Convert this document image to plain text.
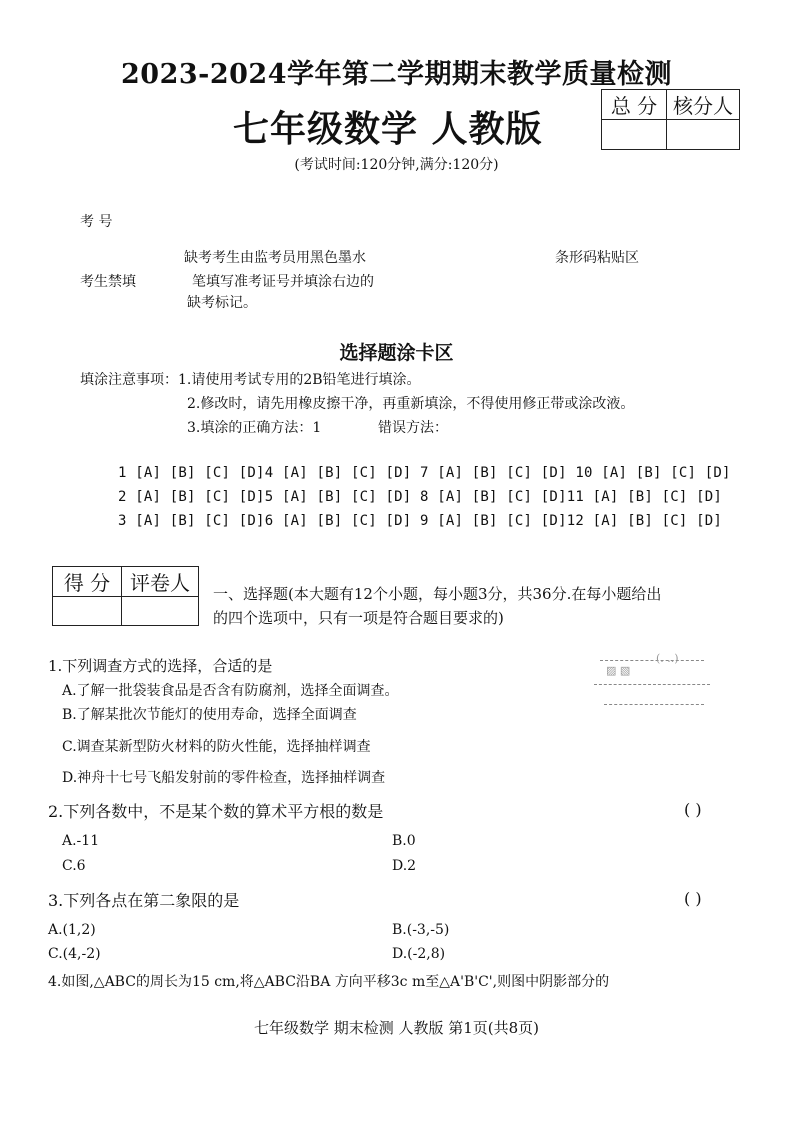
2023-2024学年第二学期期末教学质量检测
七年级数学 人教版
(考试时间:120分钟,满分:120分)
总 分	核分人

考 号
缺考考生由监考员用黑色墨水
考生禁填	笔填写准考证号并填涂右边的
缺考标记。
条形码粘贴区
选择题涂卡区
填涂注意事项：1.请使用考试专用的2B铅笔进行填涂。
2.修改时，请先用橡皮擦干净，再重新填涂，不得使用修正带或涂改液。
3.填涂的正确方法：1	错误方法：
1 [A] [B] [C] [D]4 [A] [B] [C] [D] 7 [A] [B] [C] [D] 10 [A] [B] [C] [D]
2 [A] [B] [C] [D]5 [A] [B] [C] [D] 8 [A] [B] [C] [D]11 [A] [B] [C] [D]
3 [A] [B] [C] [D]6 [A] [B] [C] [D] 9 [A] [B] [C] [D]12 [A] [B] [C] [D]
得 分	评卷人
	一、选择题(本大题有12个小题，每小题3分，共36分.在每小题给出
的四个选项中，只有一项是符合题目要求的)
▨ ▧
(. ..)
1.下列调查方式的选择，合适的是
A.了解一批袋装食品是否含有防腐剂，选择全面调查。
B.了解某批次节能灯的使用寿命，选择全面调查
C.调查某新型防火材料的防火性能，选择抽样调查
D.神舟十七号飞船发射前的零件检查，选择抽样调查
2.下列各数中，不是某个数的算术平方根的数是	( )
A.-11	B.0
C.6	D.2
3.下列各点在第二象限的是	( )
A.(1,2)	B.(-3,-5)
C.(4,-2)	D.(-2,8)
4.如图,△ABC的周长为15 cm,将△ABC沿BA 方向平移3c m至△A'B'C',则图中阴影部分的
七年级数学 期末检测 人教版 第1页(共8页)
